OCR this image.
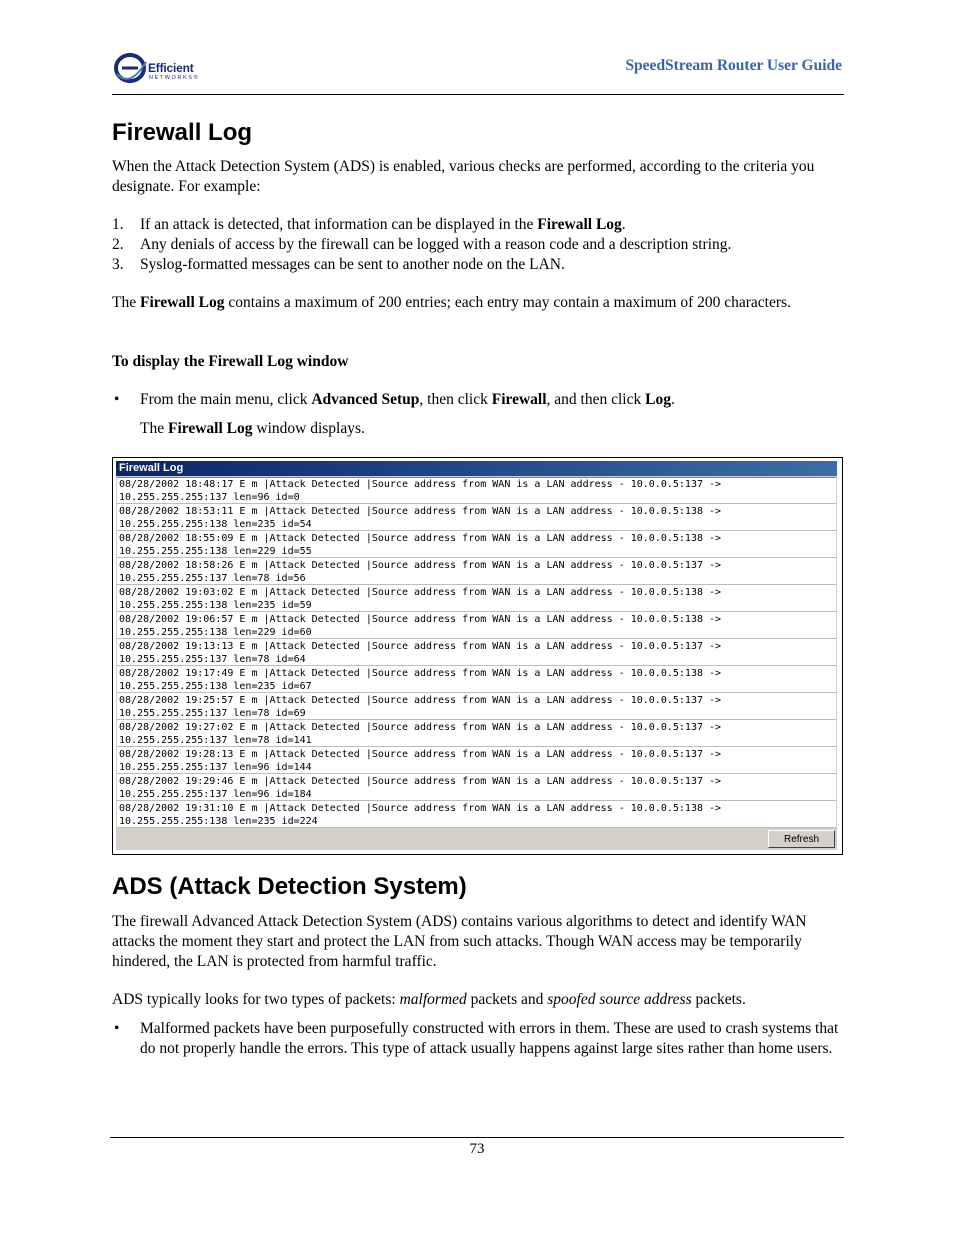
Efficient
NETWORKS®
SpeedStream Router User Guide
Firewall Log

When the Attack Detection System (ADS) is enabled, various checks are performed, according to the criteria you designate. For example:

1. If an attack is detected, that information can be displayed in the Firewall Log.
2. Any denials of access by the firewall can be logged with a reason code and a description string.
3. Syslog-formatted messages can be sent to another node on the LAN.

The Firewall Log contains a maximum of 200 entries; each entry may contain a maximum of 200 characters.

To display the Firewall Log window

• From the main menu, click Advanced Setup, then click Firewall, and then click Log.

The Firewall Log window displays.

Firewall Log
08/28/2002 18:48:17 E m |Attack Detected |Source address from WAN is a LAN address - 10.0.0.5:137 ->
10.255.255.255:137 len=96 id=0
08/28/2002 18:53:11 E m |Attack Detected |Source address from WAN is a LAN address - 10.0.0.5:138 ->
10.255.255.255:138 len=235 id=54
08/28/2002 18:55:09 E m |Attack Detected |Source address from WAN is a LAN address - 10.0.0.5:138 ->
10.255.255.255:138 len=229 id=55
08/28/2002 18:58:26 E m |Attack Detected |Source address from WAN is a LAN address - 10.0.0.5:137 ->
10.255.255.255:137 len=78 id=56
08/28/2002 19:03:02 E m |Attack Detected |Source address from WAN is a LAN address - 10.0.0.5:138 ->
10.255.255.255:138 len=235 id=59
08/28/2002 19:06:57 E m |Attack Detected |Source address from WAN is a LAN address - 10.0.0.5:138 ->
10.255.255.255:138 len=229 id=60
08/28/2002 19:13:13 E m |Attack Detected |Source address from WAN is a LAN address - 10.0.0.5:137 ->
10.255.255.255:137 len=78 id=64
08/28/2002 19:17:49 E m |Attack Detected |Source address from WAN is a LAN address - 10.0.0.5:138 ->
10.255.255.255:138 len=235 id=67
08/28/2002 19:25:57 E m |Attack Detected |Source address from WAN is a LAN address - 10.0.0.5:137 ->
10.255.255.255:137 len=78 id=69
08/28/2002 19:27:02 E m |Attack Detected |Source address from WAN is a LAN address - 10.0.0.5:137 ->
10.255.255.255:137 len=78 id=141
08/28/2002 19:28:13 E m |Attack Detected |Source address from WAN is a LAN address - 10.0.0.5:137 ->
10.255.255.255:137 len=96 id=144
08/28/2002 19:29:46 E m |Attack Detected |Source address from WAN is a LAN address - 10.0.0.5:137 ->
10.255.255.255:137 len=96 id=184
08/28/2002 19:31:10 E m |Attack Detected |Source address from WAN is a LAN address - 10.0.0.5:138 ->
10.255.255.255:138 len=235 id=224
Refresh
ADS (Attack Detection System)

The firewall Advanced Attack Detection System (ADS) contains various algorithms to detect and identify WAN attacks the moment they start and protect the LAN from such attacks. Though WAN access may be temporarily hindered, the LAN is protected from harmful traffic.

ADS typically looks for two types of packets: malformed packets and spoofed source address packets.

• Malformed packets have been purposefully constructed with errors in them. These are used to crash systems that do not properly handle the errors. This type of attack usually happens against large sites rather than home users.
73
